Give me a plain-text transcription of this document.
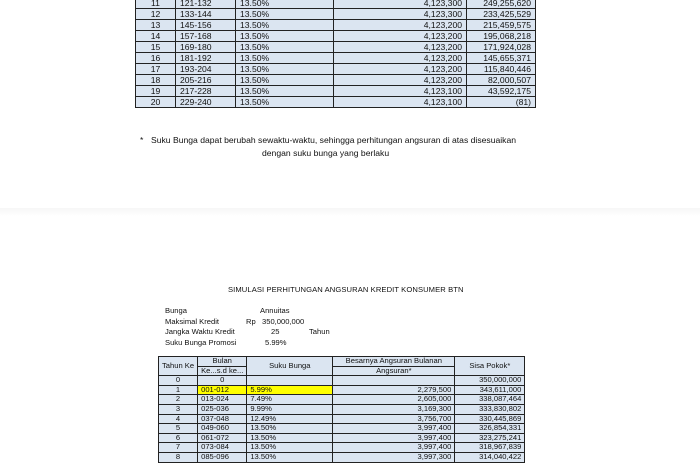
11	121-132	13.50%	4,123,300	249,255,620
12	133-144	13.50%	4,123,300	233,425,529
13	145-156	13.50%	4,123,200	215,459,575
14	157-168	13.50%	4,123,200	195,068,218
15	169-180	13.50%	4,123,200	171,924,028
16	181-192	13.50%	4,123,200	145,655,371
17	193-204	13.50%	4,123,200	115,840,446
18	205-216	13.50%	4,123,200	82,000,507
19	217-228	13.50%	4,123,100	43,592,175
20	229-240	13.50%	4,123,100	(81)
* Suku Bunga dapat berubah sewaktu-waktu, sehingga perhitungan angsuran di atas disesuaikan
dengan suku bunga yang berlaku
SIMULASI PERHITUNGAN ANGSURAN KREDIT KONSUMER BTN
Bunga	Annuitas
Maksimal Kredit	Rp 350,000,000
Jangka Waktu Kredit	25	Tahun
Suku Bunga Promosi	5.99%
Tahun Ke	Bulan	Suku Bunga	Besarnya Angsuran Bulanan	Sisa Pokok*
	Ke...s.d ke...		Angsuran*	
0	0			350,000,000
1	001-012	5.99%	2,279,500	343,611,000
2	013-024	7.49%	2,605,000	338,087,464
3	025-036	9.99%	3,169,300	333,830,802
4	037-048	12.49%	3,756,700	330,445,869
5	049-060	13.50%	3,997,400	326,854,331
6	061-072	13.50%	3,997,400	323,275,241
7	073-084	13.50%	3,997,400	318,967,839
8	085-096	13.50%	3,997,300	314,040,422
